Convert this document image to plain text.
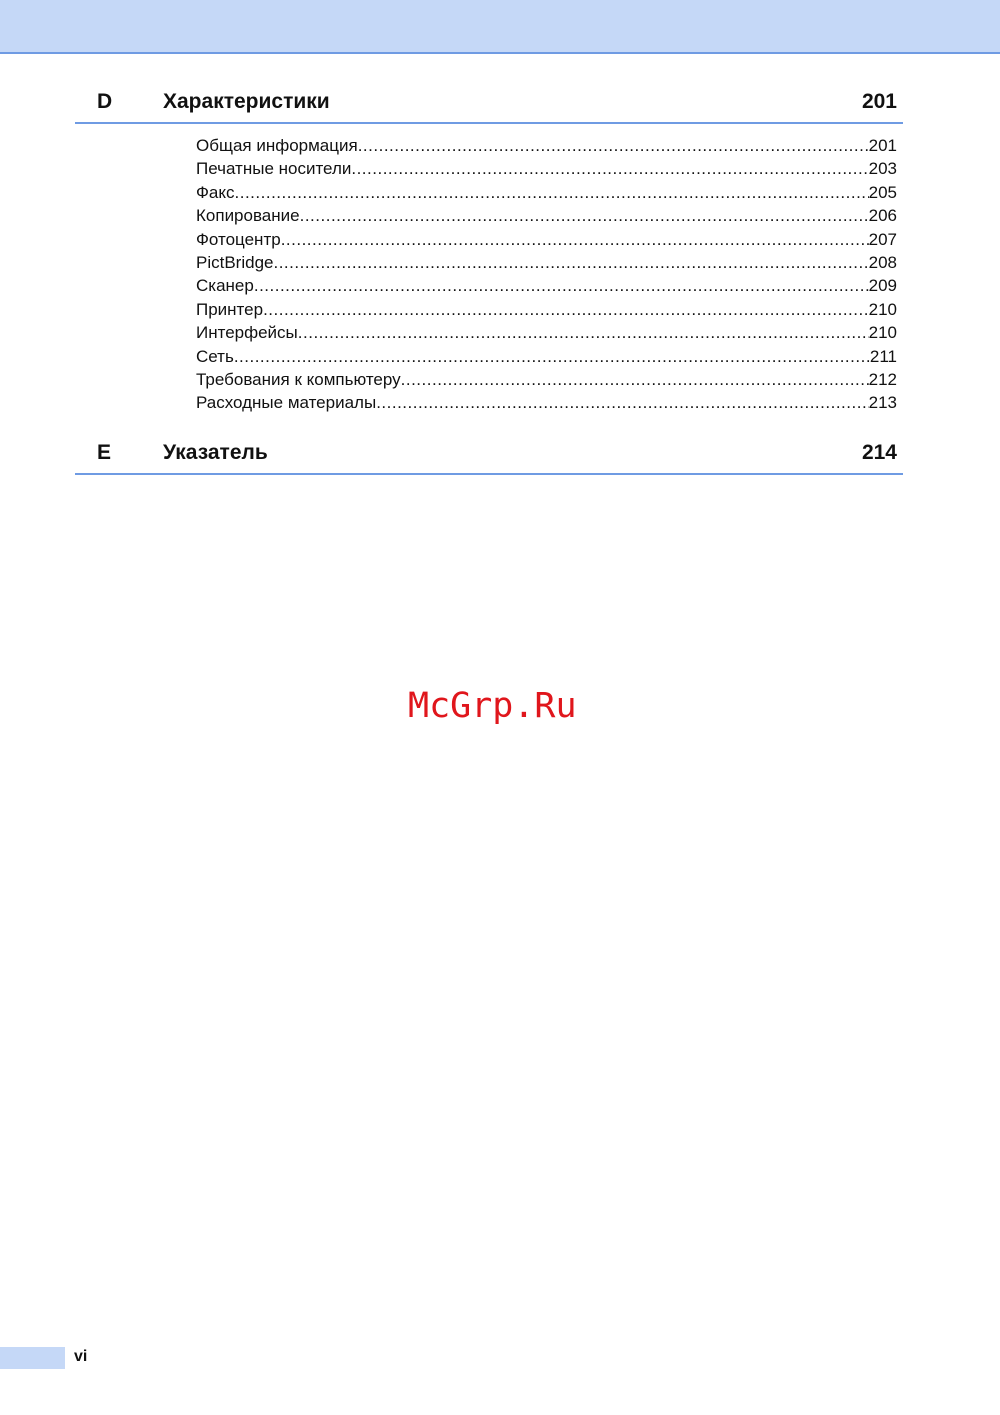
D Характеристики	201
Общая информация .....	201
Печатные носители .....	203
Факс .....	205
Копирование .....	206
Фотоцентр .....	207
PictBridge .....	208
Сканер .....	209
Принтер .....	210
Интерфейсы .....	210
Сеть .....	211
Требования к компьютеру .....	212
Расходные материалы .....	213
E Указатель	214
McGrp.Ru
vi
